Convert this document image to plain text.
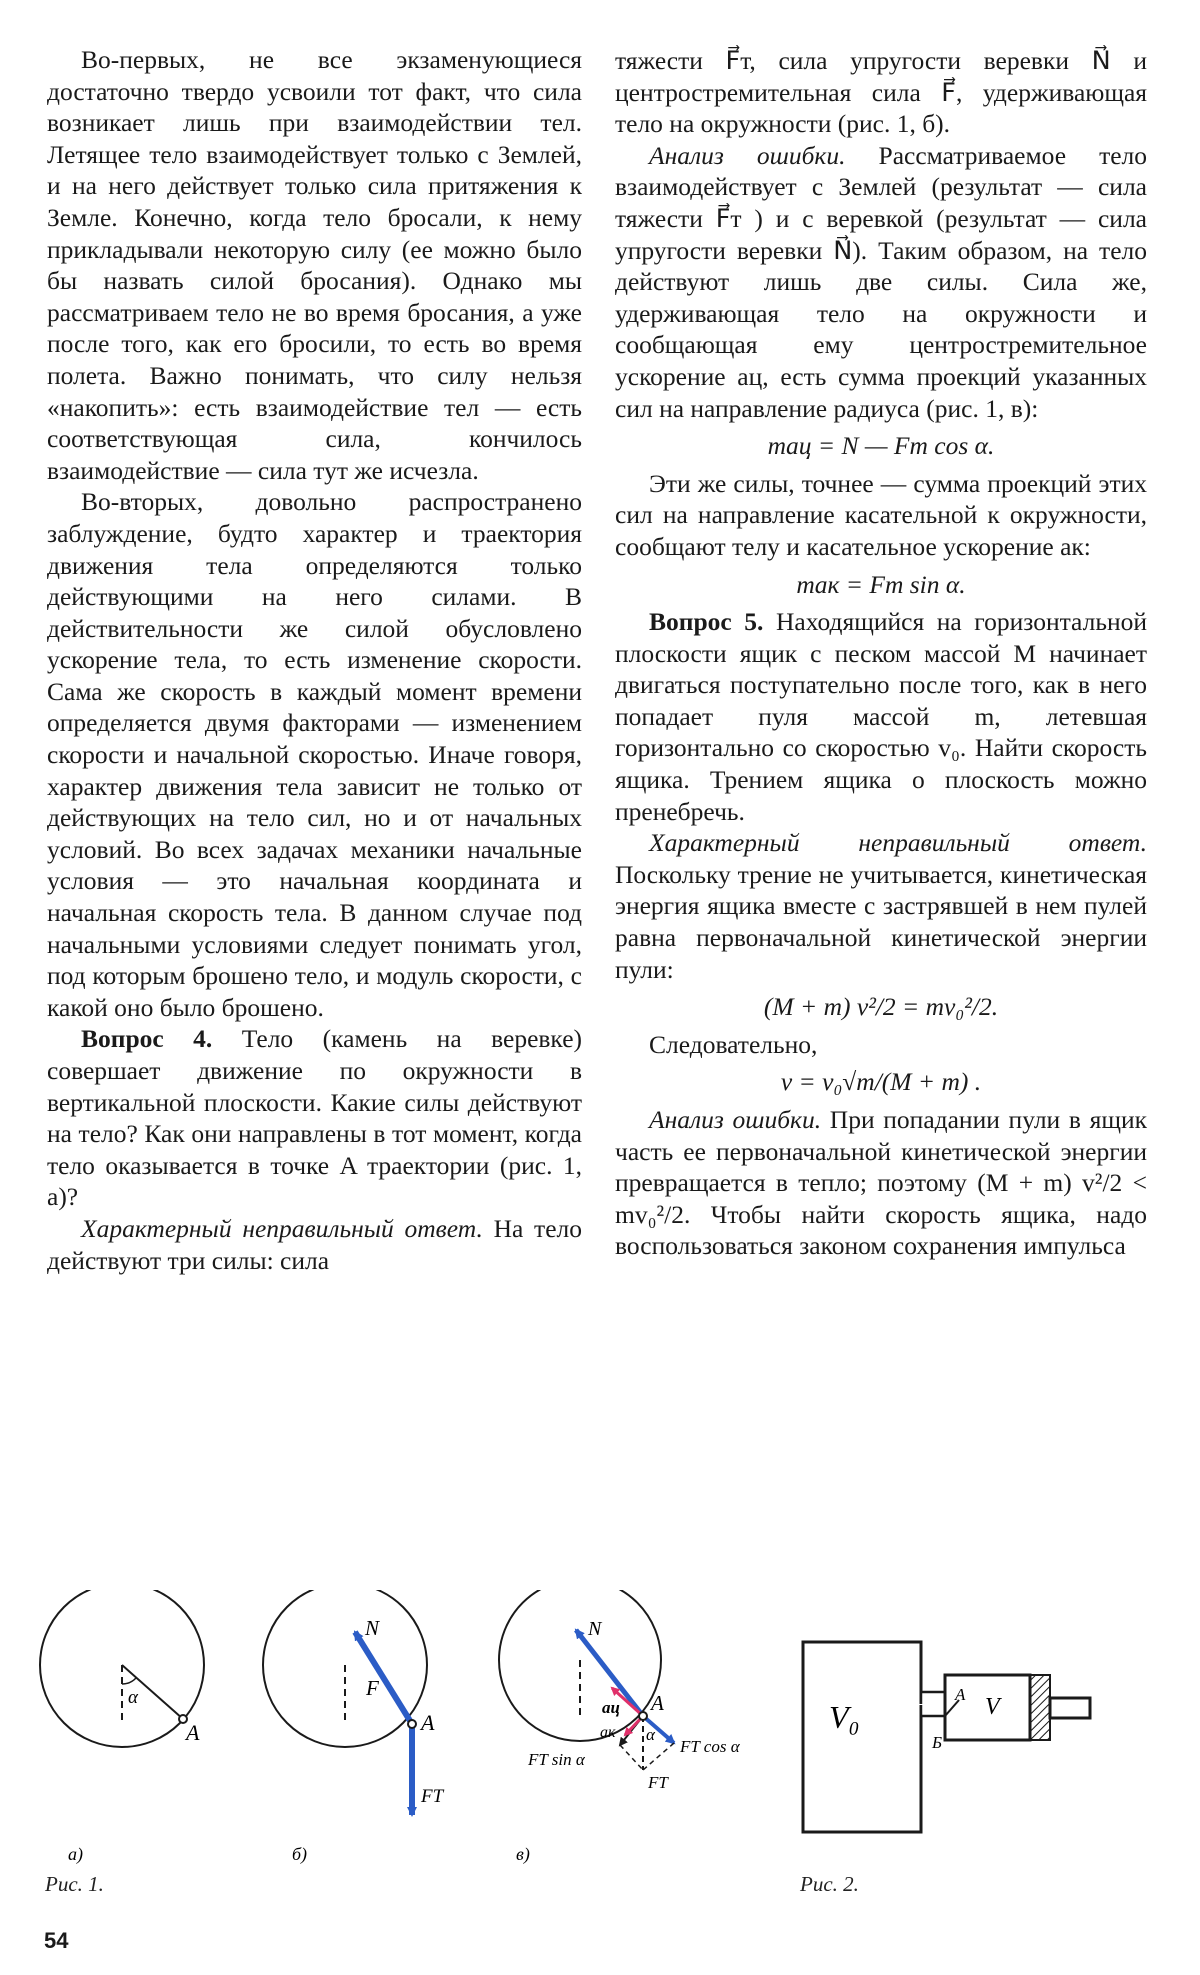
Во-первых, не все экзаменующиеся достаточно твердо усвоили тот факт, что сила возникает лишь при взаимодействии тел. Летящее тело взаимодействует только с Землей, и на него действует только сила притяжения к Земле. Конечно, когда тело бросали, к нему прикладывали некоторую силу (ее можно было бы назвать силой бросания). Однако мы рассматриваем тело не во время бросания, а уже после того, как его бросили, то есть во время полета. Важно понимать, что силу нельзя «накопить»: есть взаимодействие тел — есть соответствующая сила, кончилось взаимодействие — сила тут же исчезла.

Во-вторых, довольно распространено заблуждение, будто характер и траектория движения тела определяются только действующими на него силами. В действительности же силой обусловлено ускорение тела, то есть изменение скорости. Сама же скорость в каждый момент времени определяется двумя факторами — изменением скорости и начальной скоростью. Иначе говоря, характер движения тела зависит не только от действующих на тело сил, но и от начальных условий. Во всех задачах механики начальные условия — это начальная координата и начальная скорость тела. В данном случае под начальными условиями следует понимать угол, под которым брошено тело, и модуль скорости, с какой оно было брошено.

Вопрос 4. Тело (камень на веревке) совершает движение по окружности в вертикальной плоскости. Какие силы действуют на тело? Как они направлены в тот момент, когда тело оказывается в точке A траектории (рис. 1, а)?

Характерный неправильный ответ. На тело действуют три силы: сила

тяжести F⃗т, сила упругости веревки N⃗ и центростремительная сила F⃗, удерживающая тело на окружности (рис. 1, б).

Анализ ошибки. Рассматриваемое тело взаимодействует с Землей (результат — сила тяжести F⃗т ) и с веревкой (результат — сила упругости веревки N⃗). Таким образом, на тело действуют лишь две силы. Сила же, удерживающая тело на окружности и сообщающая ему центростремительное ускорение aц, есть сумма проекций указанных сил на направление радиуса (рис. 1, в):

maц = N — Fт cos α.

Эти же силы, точнее — сумма проекций этих сил на направление касательной к окружности, сообщают телу и касательное ускорение aк:

maк = Fт sin α.

Вопрос 5. Находящийся на горизонтальной плоскости ящик с песком массой M начинает двигаться поступательно после того, как в него попадает пуля массой m, летевшая горизонтально со скоростью v₀. Найти скорость ящика. Трением ящика о плоскость можно пренебречь.

Характерный неправильный ответ. Поскольку трение не учитывается, кинетическая энергия ящика вместе с застрявшей в нем пулей равна первоначальной кинетической энергии пули:

(M + m) v²/2 = mv₀²/2.

Следовательно,

v = v₀√m/(M + m) .

Анализ ошибки. При попадании пули в ящик часть ее первоначальной кинетической энергии превращается в тепло; поэтому (M + m) v²/2 < mv₀²/2. Чтобы найти скорость ящика, надо воспользоваться законом сохранения импульса

α
A
N
F
A
FT
N
A
aц
aк α
FT sin α
FT cos α
FT
V₀	V
A
Б
а)	б)	в)
Рис. 1.	Рис. 2.
54
